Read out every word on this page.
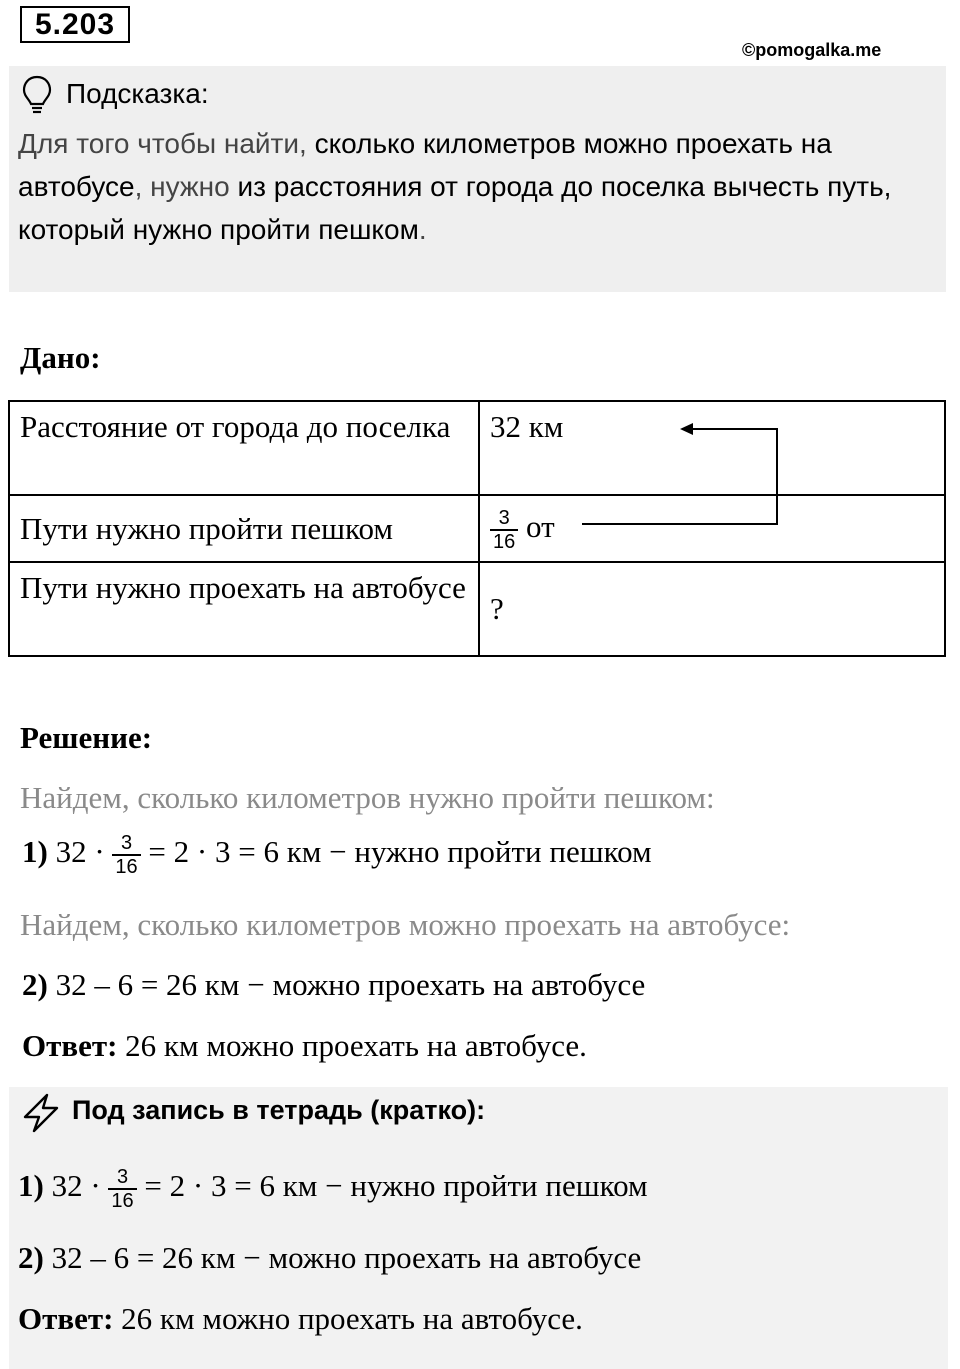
5.203
©pomogalka.me
Подсказка:
Для того чтобы найти, сколько километров можно проехать на автобусе, нужно из расстояния от города до поселка вычесть путь, который нужно пройти пешком.
Дано:
Расстояние от города до поселка	32 км
Пути нужно пройти пешком	$\frac{3}{16}$ от
Пути нужно проехать на автобусе	?
Решение:
Найдем, сколько километров нужно пройти пешком:
1) $32 \cdot \frac{3}{16} = 2 \cdot 3 = 6$ км − нужно пройти пешком
Найдем, сколько километров можно проехать на автобусе:
2) 32 – 6 = 26 км − можно проехать на автобусе
Ответ: 26 км можно проехать на автобусе.
Под запись в тетрадь (кратко):
1) $32 \cdot \frac{3}{16} = 2 \cdot 3 = 6$ км − нужно пройти пешком
2) 32 – 6 = 26 км − можно проехать на автобусе
Ответ: 26 км можно проехать на автобусе.
